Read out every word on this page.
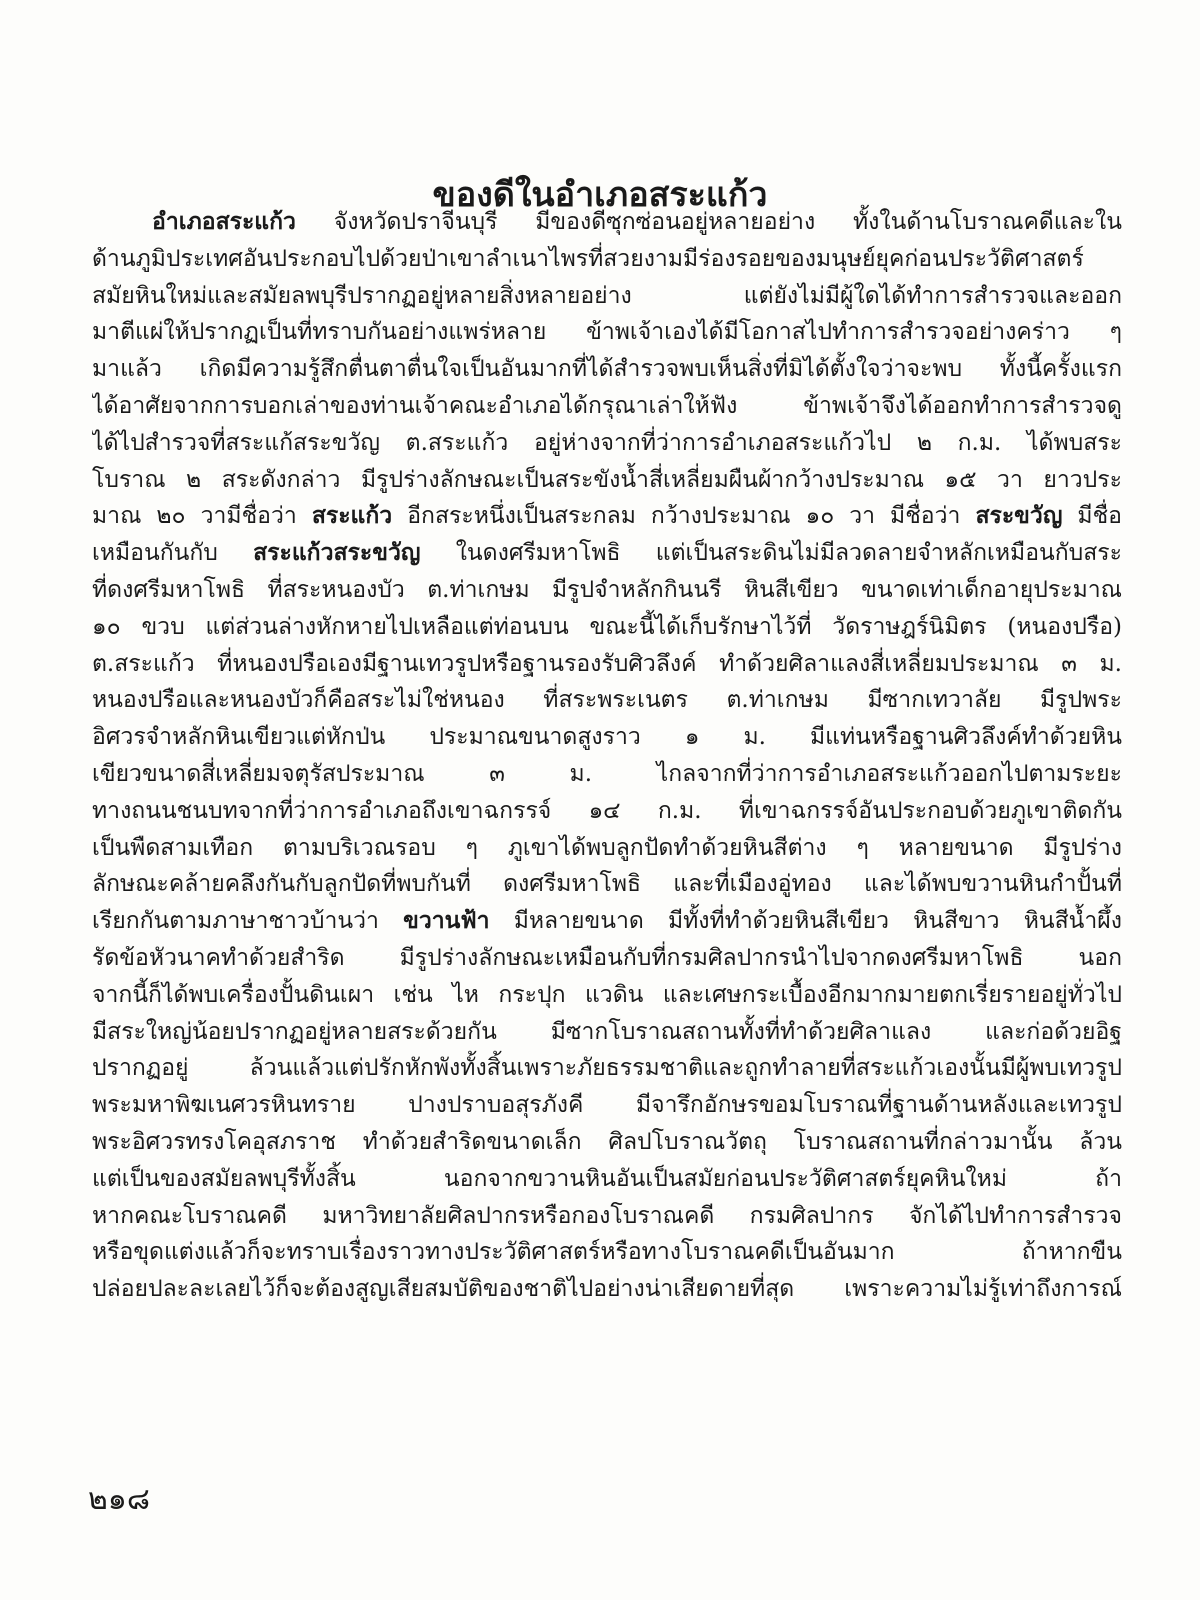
ของดีในอำเภอสระแก้ว
อำเภอสระแก้ว จังหวัดปราจีนบุรี มีของดีซุกซ่อนอยู่หลายอย่าง ทั้งในด้านโบราณคดีและใน
ด้านภูมิประเทศอันประกอบไปด้วยป่าเขาลำเนาไพรที่สวยงามมีร่องรอยของมนุษย์ยุคก่อนประวัติศาสตร์
สมัยหินใหม่และสมัยลพบุรีปรากฏอยู่หลายสิ่งหลายอย่าง แต่ยังไม่มีผู้ใดได้ทำการสำรวจและออก
มาตีแผ่ให้ปรากฏเป็นที่ทราบกันอย่างแพร่หลาย ข้าพเจ้าเองได้มีโอกาสไปทำการสำรวจอย่างคร่าว ๆ
มาแล้ว เกิดมีความรู้สึกตื่นตาตื่นใจเป็นอันมากที่ได้สำรวจพบเห็นสิ่งที่มิได้ตั้งใจว่าจะพบ ทั้งนี้ครั้งแรก
ได้อาศัยจากการบอกเล่าของท่านเจ้าคณะอำเภอได้กรุณาเล่าให้ฟัง ข้าพเจ้าจึงได้ออกทำการสำรวจดู
ได้ไปสำรวจที่สระแก้สระขวัญ ต.สระแก้ว อยู่ห่างจากที่ว่าการอำเภอสระแก้วไป ๒ ก.ม. ได้พบสระ
โบราณ ๒ สระดังกล่าว มีรูปร่างลักษณะเป็นสระขังน้ำสี่เหลี่ยมผืนผ้ากว้างประมาณ ๑๕ วา ยาวประ
มาณ ๒๐ วามีชื่อว่า สระแก้ว อีกสระหนึ่งเป็นสระกลม กว้างประมาณ ๑๐ วา มีชื่อว่า สระขวัญ มีชื่อ
เหมือนกันกับ สระแก้วสระขวัญ ในดงศรีมหาโพธิ แต่เป็นสระดินไม่มีลวดลายจำหลักเหมือนกับสระ
ที่ดงศรีมหาโพธิ ที่สระหนองบัว ต.ท่าเกษม มีรูปจำหลักกินนรี หินสีเขียว ขนาดเท่าเด็กอายุประมาณ
๑๐ ขวบ แต่ส่วนล่างหักหายไปเหลือแต่ท่อนบน ขณะนี้ได้เก็บรักษาไว้ที่ วัดราษฎร์นิมิตร (หนองปรือ)
ต.สระแก้ว ที่หนองปรือเองมีฐานเทวรูปหรือฐานรองรับศิวลึงค์ ทำด้วยศิลาแลงสี่เหลี่ยมประมาณ ๓ ม.
หนองปรือและหนองบัวก็คือสระไม่ใช่หนอง ที่สระพระเนตร ต.ท่าเกษม มีซากเทวาลัย มีรูปพระ
อิศวรจำหลักหินเขียวแต่หักป่น ประมาณขนาดสูงราว ๑ ม. มีแท่นหรือฐานศิวลึงค์ทำด้วยหิน
เขียวขนาดสี่เหลี่ยมจตุรัสประมาณ ๓ ม. ไกลจากที่ว่าการอำเภอสระแก้วออกไปตามระยะ
ทางถนนชนบทจากที่ว่าการอำเภอถึงเขาฉกรรจ์ ๑๔ ก.ม. ที่เขาฉกรรจ์อันประกอบด้วยภูเขาติดกัน
เป็นพืดสามเทือก ตามบริเวณรอบ ๆ ภูเขาได้พบลูกปัดทำด้วยหินสีต่าง ๆ หลายขนาด มีรูปร่าง
ลักษณะคล้ายคลึงกันกับลูกปัดที่พบกันที่ ดงศรีมหาโพธิ และที่เมืองอู่ทอง และได้พบขวานหินกำปั้นที่
เรียกกันตามภาษาชาวบ้านว่า ขวานฟ้า มีหลายขนาด มีทั้งที่ทำด้วยหินสีเขียว หินสีขาว หินสีน้ำผึ้ง
รัดข้อหัวนาคทำด้วยสำริด มีรูปร่างลักษณะเหมือนกับที่กรมศิลปากรนำไปจากดงศรีมหาโพธิ นอก
จากนี้ก็ได้พบเครื่องปั้นดินเผา เช่น ไห กระปุก แวดิน และเศษกระเบื้องอีกมากมายตกเรี่ยรายอยู่ทั่วไป
มีสระใหญ่น้อยปรากฏอยู่หลายสระด้วยกัน มีซากโบราณสถานทั้งที่ทำด้วยศิลาแลง และก่อด้วยอิฐ
ปรากฏอยู่ ล้วนแล้วแต่ปรักหักพังทั้งสิ้นเพราะภัยธรรมชาติและถูกทำลายที่สระแก้วเองนั้นมีผู้พบเทวรูป
พระมหาพิฆเนศวรหินทราย ปางปราบอสุรภังคี มีจารึกอักษรขอมโบราณที่ฐานด้านหลังและเทวรูป
พระอิศวรทรงโคอุสภราช ทำด้วยสำริดขนาดเล็ก ศิลปโบราณวัตถุ โบราณสถานที่กล่าวมานั้น ล้วน
แต่เป็นของสมัยลพบุรีทั้งสิ้น นอกจากขวานหินอันเป็นสมัยก่อนประวัติศาสตร์ยุคหินใหม่ ถ้า
หากคณะโบราณคดี มหาวิทยาลัยศิลปากรหรือกองโบราณคดี กรมศิลปากร จักได้ไปทำการสำรวจ
หรือขุดแต่งแล้วก็จะทราบเรื่องราวทางประวัติศาสตร์หรือทางโบราณคดีเป็นอันมาก ถ้าหากขืน
ปล่อยปละละเลยไว้ก็จะต้องสูญเสียสมบัติของชาติไปอย่างน่าเสียดายที่สุด เพราะความไม่รู้เท่าถึงการณ์
๒๑๘
